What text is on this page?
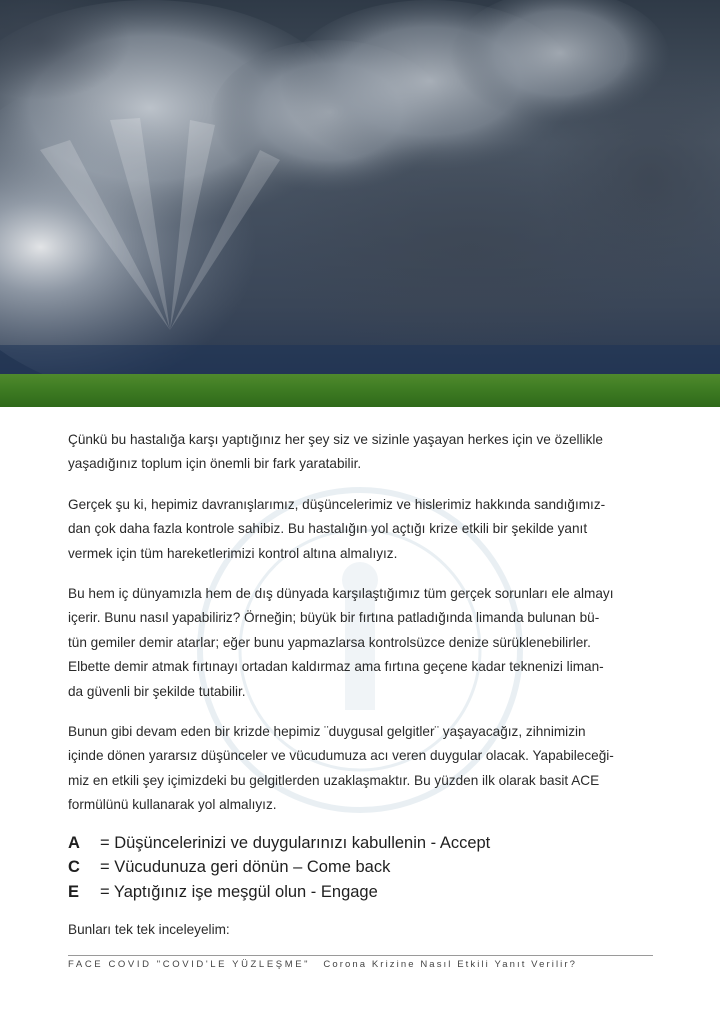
Çünkü bu hastalığa karşı yaptığınız her şey siz ve sizinle yaşayan herkes için ve özellikle
yaşadığınız toplum için önemli bir fark yaratabilir.

Gerçek şu ki, hepimiz davranışlarımız, düşüncelerimiz ve hislerimiz hakkında sandığımız-
dan çok daha fazla kontrole sahibiz. Bu hastalığın yol açtığı krize etkili bir şekilde yanıt
vermek için tüm hareketlerimizi kontrol altına almalıyız.

Bu hem iç dünyamızla hem de dış dünyada karşılaştığımız tüm gerçek sorunları ele almayı
içerir. Bunu nasıl yapabiliriz? Örneğin; büyük bir fırtına patladığında limanda bulunan bü-
tün gemiler demir atarlar; eğer bunu yapmazlarsa kontrolsüzce denize sürüklenebilirler.
Elbette demir atmak fırtınayı ortadan kaldırmaz ama fırtına geçene kadar teknenizi liman-
da güvenli bir şekilde tutabilir.

Bunun gibi devam eden bir krizde hepimiz ¨duygusal gelgitler¨ yaşayacağız, zihnimizin
içinde dönen yararsız düşünceler ve vücudumuza acı veren duygular olacak. Yapabileceği-
miz en etkili şey içimizdeki bu gelgitlerden uzaklaşmaktır. Bu yüzden ilk olarak basit ACE
formülünü kullanarak yol almalıyız.

A	= Düşüncelerinizi ve duygularınızı kabullenin - Accept
C	= Vücudunuza geri dönün – Come back
E	= Yaptığınız işe meşgül olun - Engage
Bunları tek tek inceleyelim:
FACE COVID "COVID'LE YÜZLEŞME" Corona Krizine Nasıl Etkili Yanıt Verilir?
